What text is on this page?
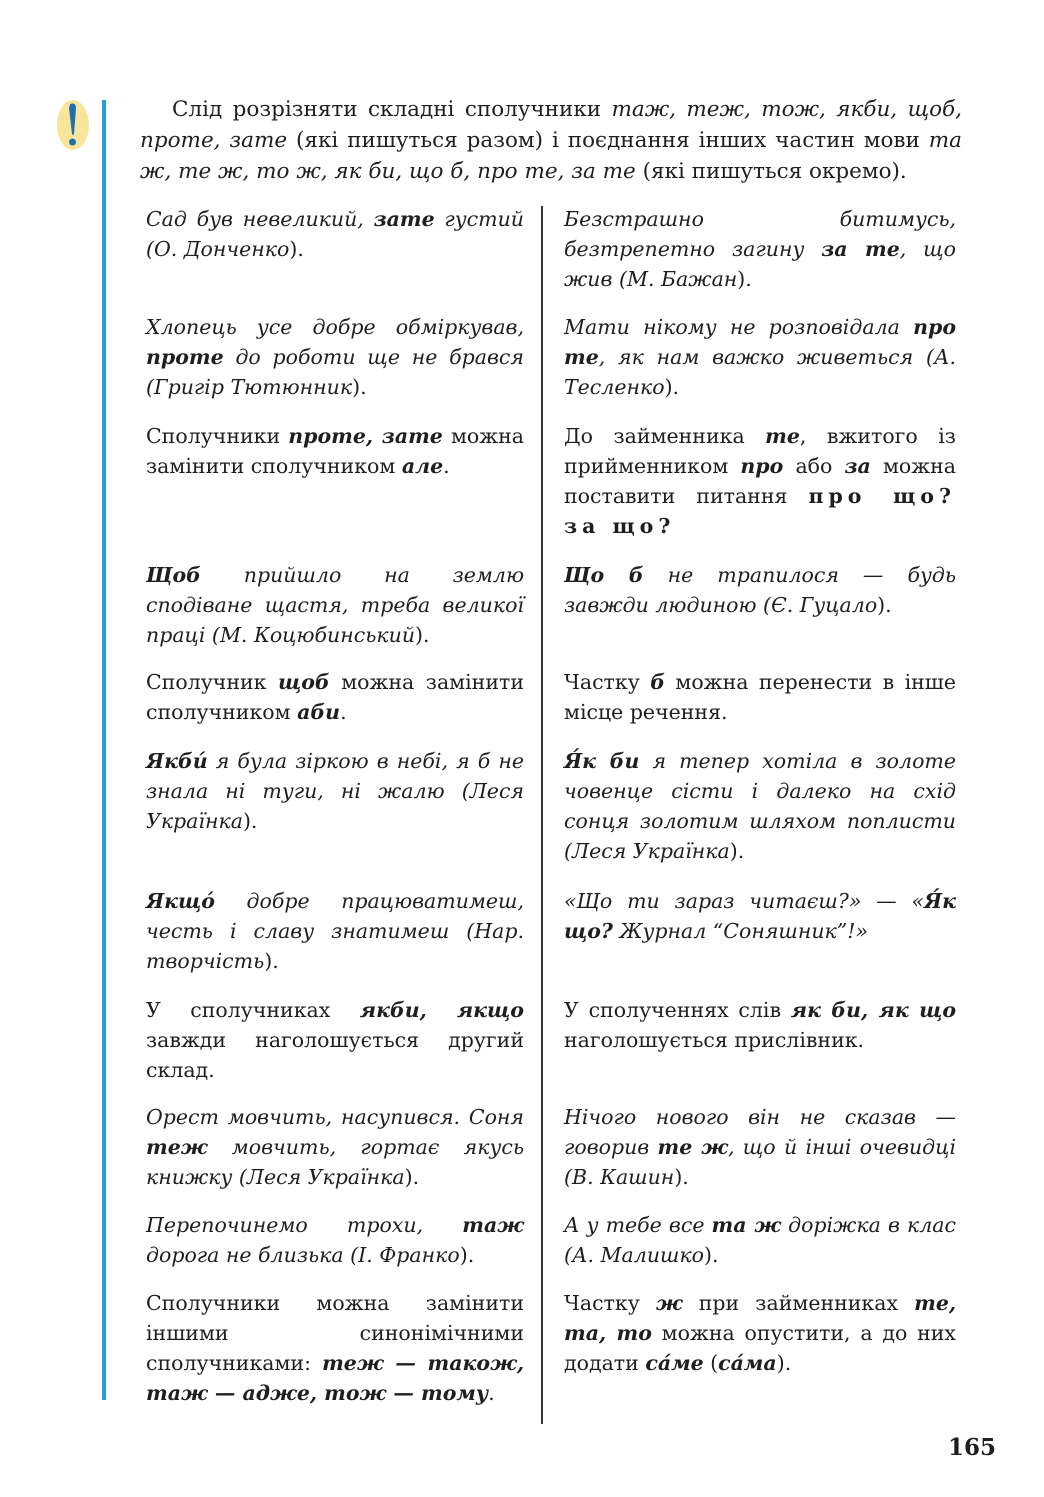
Слід розрізняти складні сполучники таж, теж, тож, якби, щоб, проте, зате (які пишуться разом) і поєднання інших частин мови та ж, те ж, то ж, як би, що б, про те, за те (які пишуться окремо).

Сад був невеликий, зате густий (О. Донченко).

Безстрашно битимусь, безтрепетно загину за те, що жив (М. Бажан).

Хлопець усе добре обміркував, проте до роботи ще не брався (Григір Тютюнник).

Мати нікому не розповідала про те, як нам важко живеться (А. Тесленко).

Сполучники проте, зате можна замінити сполучником але.

До займенника те, вжитого із прийменником про або за можна поставити питання про що? за що?

Щоб прийшло на землю сподіване щастя, треба великої праці (М. Коцюбинський).

Що б не трапилося — будь завжди людиною (Є. Гуцало).

Сполучник щоб можна замінити сполучником аби.

Частку б можна перенести в інше місце речення.

Якбú я була зіркою в небі, я б не знала ні туги, ні жалю (Леся Українка).

Я́к би я тепер хотіла в золоте човенце сісти і далеко на схід сонця золотим шляхом поплисти (Леся Українка).

Якщó добре працюватимеш, честь і славу знатимеш (Нар. творчість).

«Що ти зараз читаєш?» — «Я́к що? Журнал “Соняшник”!»

У сполучниках якби, якщо завжди наголошується другий склад.

У сполученнях слів як би, як що наголошується прислівник.

Орест мовчить, насупився. Соня теж мовчить, гортає якусь книжку (Леся Українка).

Нічого нового він не сказав — говорив те ж, що й інші очевидці (В. Кашин).

Перепочинемо трохи, таж дорога не близька (І. Франко).

А у тебе все та ж доріжка в клас (А. Малишко).

Сполучники можна замінити іншими синонімічними сполучниками: теж — також, таж — адже, тож — тому.

Частку ж при займенниках те, та, то можна опустити, а до них додати са́ме (са́ма).

165
